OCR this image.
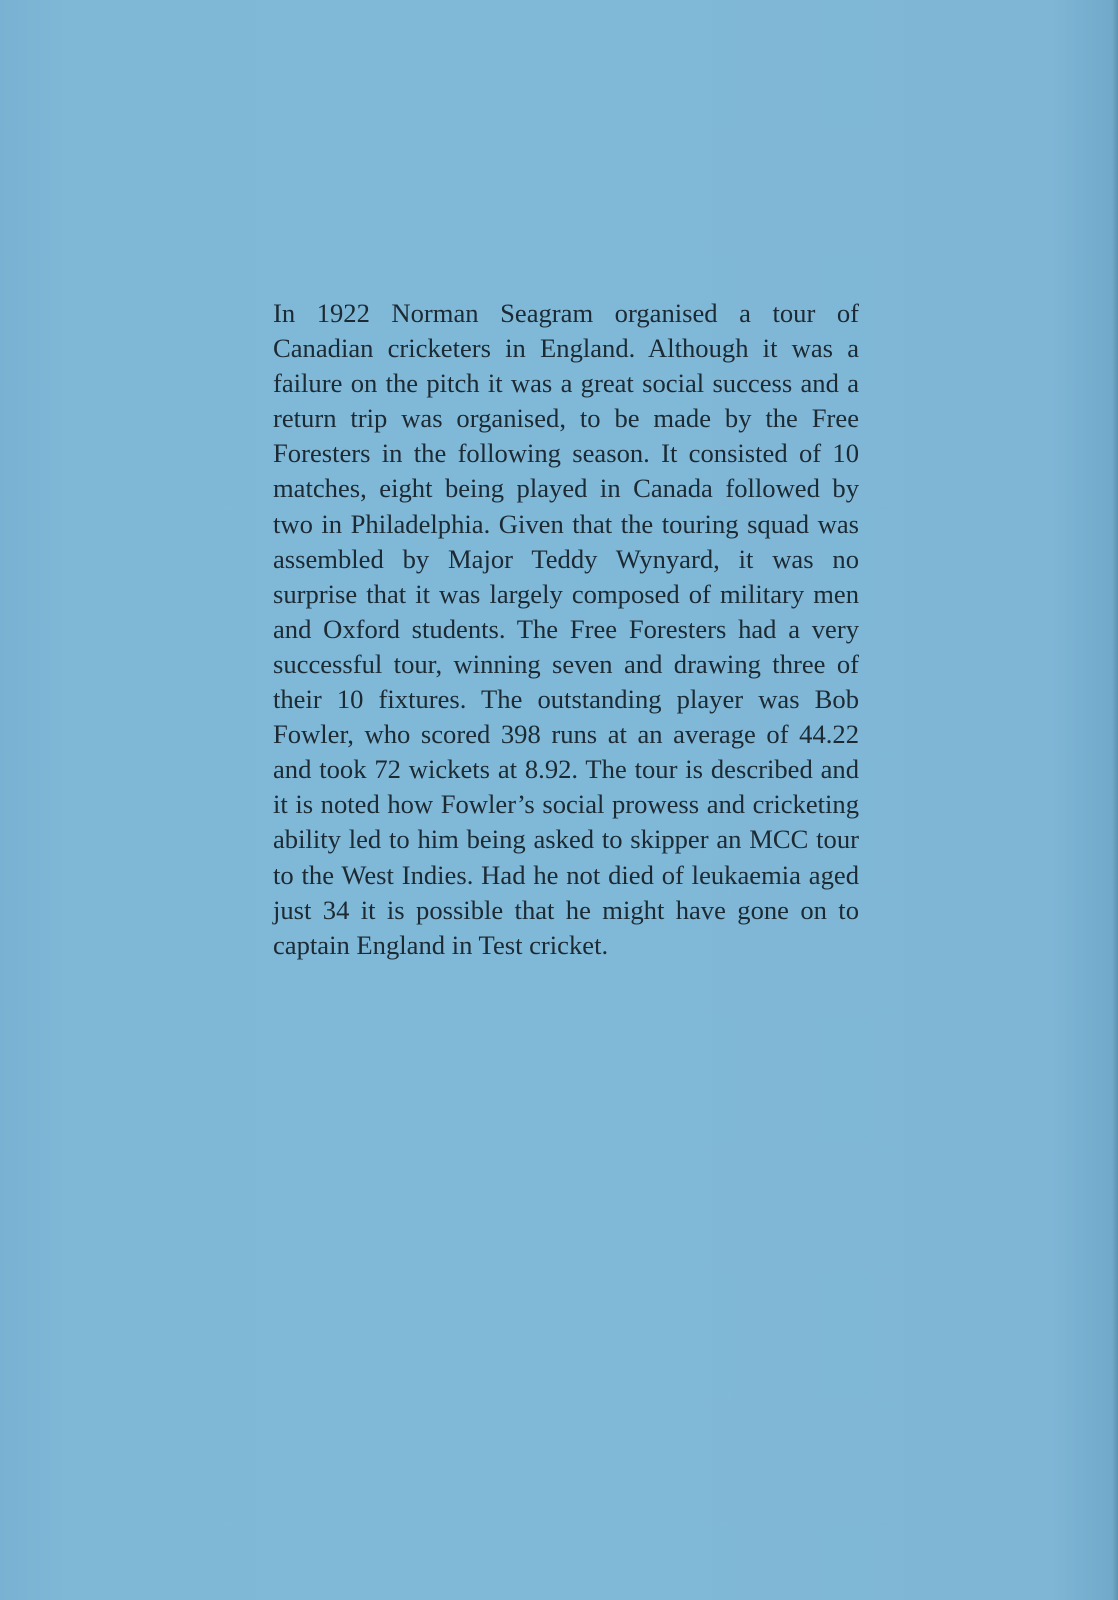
In 1922 Norman Seagram organised a tour of Canadian cricketers in England. Although it was a failure on the pitch it was a great social success and a return trip was organised, to be made by the Free Foresters in the following season. It consisted of 10 matches, eight being played in Canada followed by two in Philadelphia. Given that the touring squad was assembled by Major Teddy Wynyard, it was no surprise that it was largely composed of military men and Oxford students. The Free Foresters had a very successful tour, winning seven and drawing three of their 10 fixtures. The outstanding player was Bob Fowler, who scored 398 runs at an average of 44.22 and took 72 wickets at 8.92. The tour is described and it is noted how Fowler’s social prowess and cricketing ability led to him being asked to skipper an MCC tour to the West Indies. Had he not died of leukaemia aged just 34 it is possible that he might have gone on to captain England in Test cricket.
